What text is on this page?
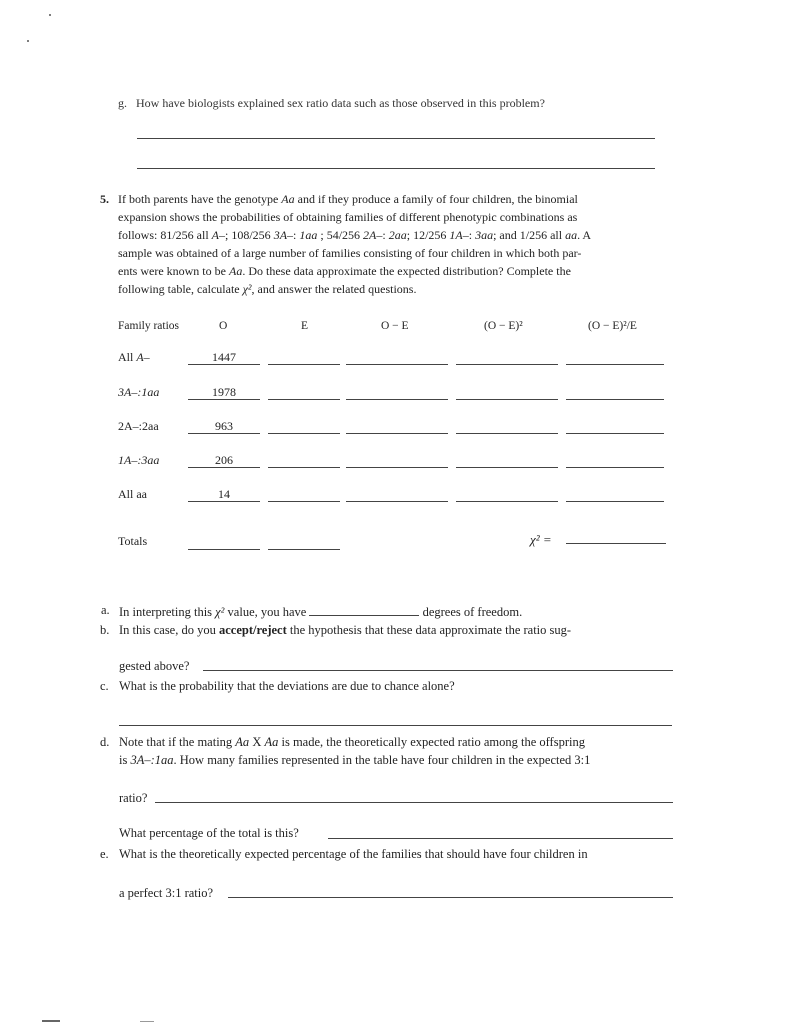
g. How have biologists explained sex ratio data such as those observed in this problem?
5. If both parents have the genotype Aa and if they produce a family of four children, the binomial
expansion shows the probabilities of obtaining families of different phenotypic combinations as
follows: 81/256 all A–; 108/256 3A–: 1aa ; 54/256 2A–: 2aa; 12/256 1A–: 3aa; and 1/256 all aa. A
sample was obtained of a large number of families consisting of four children in which both par-
ents were known to be Aa. Do these data approximate the expected distribution? Complete the
following table, calculate χ², and answer the related questions.
Family ratios	O	E	O − E	(O − E)²	(O − E)²/E
All A–	1447
3A–:1aa	1978
2A–:2aa	963
1A–:3aa	206
All aa	14
Totals	χ² =
a. In interpreting this χ² value, you have	degrees of freedom.
b. In this case, do you accept/reject the hypothesis that these data approximate the ratio sug-
gested above?
c. What is the probability that the deviations are due to chance alone?
d. Note that if the mating Aa X Aa is made, the theoretically expected ratio among the offspring
is 3A–:1aa. How many families represented in the table have four children in the expected 3:1
ratio?
What percentage of the total is this?
e. What is the theoretically expected percentage of the families that should have four children in
a perfect 3:1 ratio?
